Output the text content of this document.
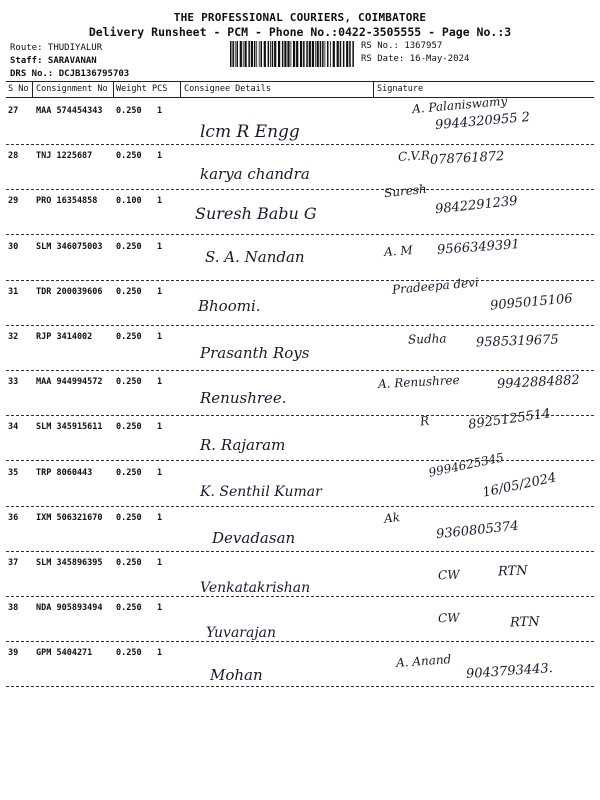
THE PROFESSIONAL COURIERS, COIMBATORE
Delivery Runsheet - PCM - Phone No.:0422-3505555 - Page No.:3
Route: THUDIYALUR
Staff: SARAVANAN
DRS No.: DCJB136795703
RS No.: 1367957
RS Date: 16-May-2024
S No Consignment No Weight PCS Consignee Details	Signature
27 MAA 574454343 0.250 1
lcm R Engg
A. Palaniswamy
9944320955 2
28 TNJ 1225687	0.250 1
karya chandra
C.V.R 078761872
29 PRO 16354858 0.100 1
Suresh Babu G
Suresh
9842291239
30 SLM 346075003 0.250 1
S. A. Nandan	A. M 9566349391
31 TDR 200039606 0.250 1
Bhoomi.
Pradeepa devi
9095015106
32 RJP 3414002	0.250 1
Prasanth Roys
Sudha 9585319675
33 MAA 944994572 0.250 1
Renushree.
A. Renushree	9942884882
34 SLM 345915611 0.250 1
R. Rajaram
R	8925125514
35 TRP 8060443	0.250 1
K. Senthil Kumar
9994625345
16/05/2024
36 IXM 506321670 0.250 1
Devadasan
Ak
9360805374
37 SLM 345896395 0.250 1
Venkatakrishan
CW	RTN
38 NDA 905893494 0.250 1
Yuvarajan
CW	RTN
39 GPM 5404271	0.250 1
Mohan
A. Anand 9043793443.
